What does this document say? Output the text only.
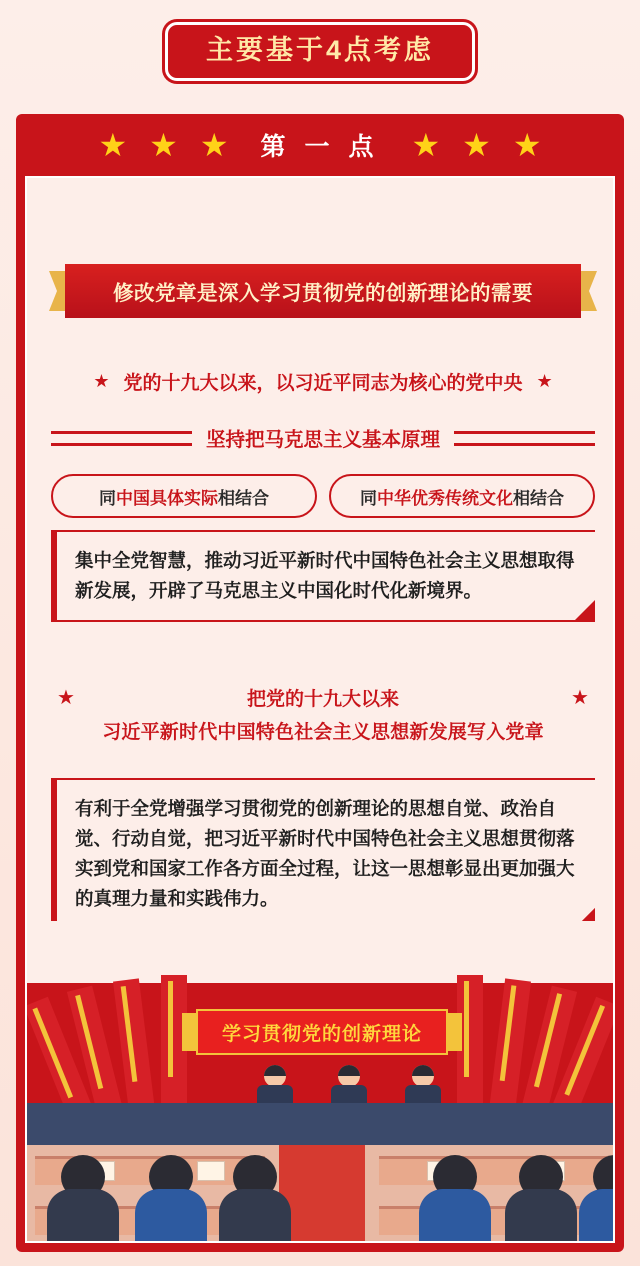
主要基于4点考虑
★ ★ ★ 第 一 点 ★ ★ ★
修改党章是深入学习贯彻党的创新理论的需要
★ 党的十九大以来，以习近平同志为核心的党中央 ★
坚持把马克思主义基本原理
同 中国具体实际 相结合	同 中华优秀传统文化 相结合
集中全党智慧，推动习近平新时代中国特色社会主义思想取得新发展，开辟了马克思主义中国化时代化新境界。
★	把党的十九大以来	★
习近平新时代中国特色社会主义思想新发展写入党章
有利于全党增强学习贯彻党的创新理论的思想自觉、政治自觉、行动自觉，把习近平新时代中国特色社会主义思想贯彻落实到党和国家工作各方面全过程，让这一思想彰显出更加强大的真理力量和实践伟力。
学习贯彻党的创新理论
